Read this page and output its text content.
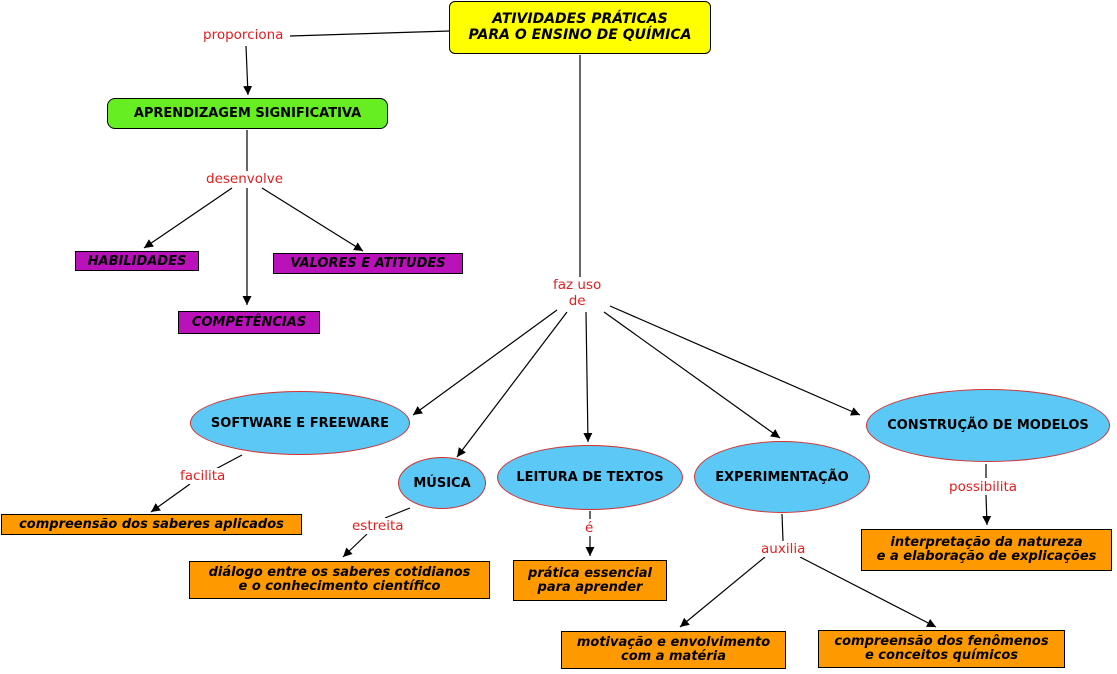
ATIVIDADES PRÁTICAS
PARA O ENSINO DE QUÍMICA
APRENDIZAGEM SIGNIFICATIVA
HABILIDADES	VALORES E ATITUDES
COMPETÊNCIAS
SOFTWARE E FREEWARE
MÚSICA	LEITURA DE TEXTOS	EXPERIMENTAÇÃO
CONSTRUÇÃO DE MODELOS
compreensão dos saberes aplicados
diálogo entre os saberes cotidianos
e o conhecimento científico
prática essencial
para aprender
motivação e envolvimento
com a matéria
compreensão dos fenômenos
e conceitos químicos
interpretação da natureza
e a elaboração de explicações
proporciona
desenvolve
faz uso
de
facilita
estreita	é
auxilia
possibilita
